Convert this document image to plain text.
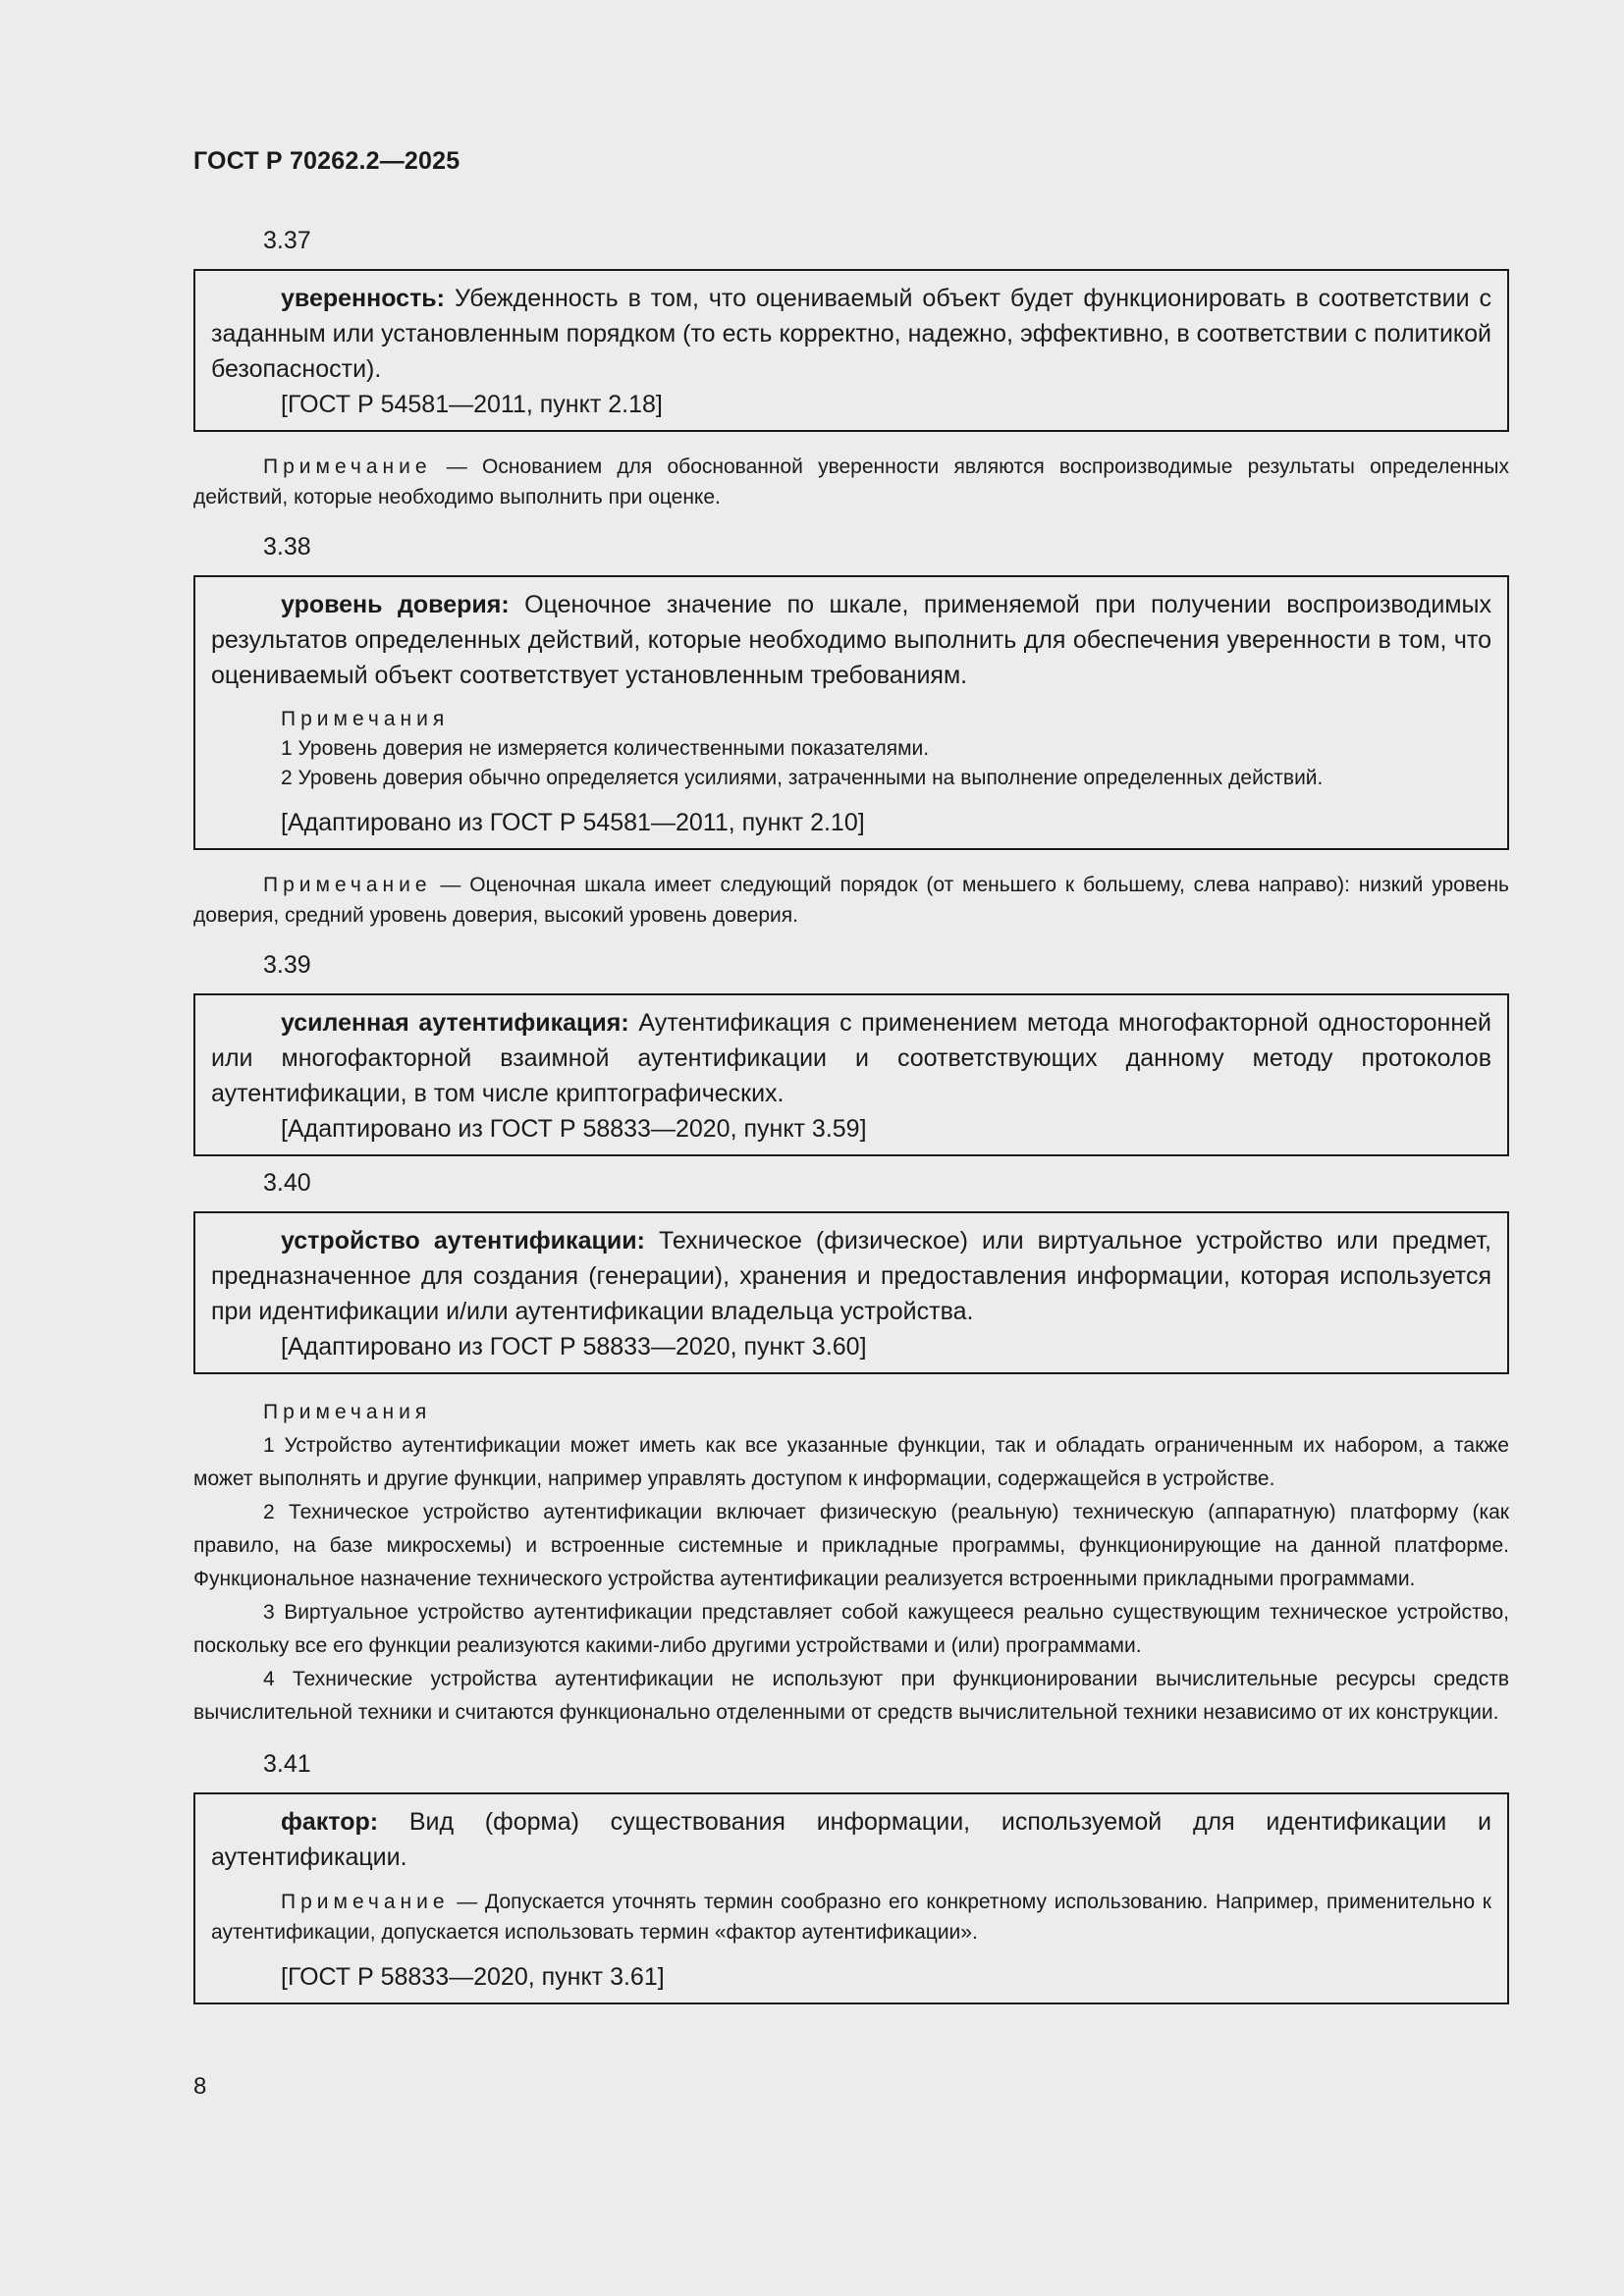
ГОСТ Р 70262.2—2025
3.37

уверенность: Убежденность в том, что оцениваемый объект будет функционировать в соответствии с заданным или установленным порядком (то есть корректно, надежно, эффективно, в соответствии с политикой безопасности).

[ГОСТ Р 54581—2011, пункт 2.18]

Примечание — Основанием для обоснованной уверенности являются воспроизводимые результаты определенных действий, которые необходимо выполнить при оценке.

3.38

уровень доверия: Оценочное значение по шкале, применяемой при получении воспроизводимых результатов определенных действий, которые необходимо выполнить для обеспечения уверенности в том, что оцениваемый объект соответствует установленным требованиям.

Примечания
1 Уровень доверия не измеряется количественными показателями.
2 Уровень доверия обычно определяется усилиями, затраченными на выполнение определенных действий.

[Адаптировано из ГОСТ Р 54581—2011, пункт 2.10]

Примечание — Оценочная шкала имеет следующий порядок (от меньшего к большему, слева направо): низкий уровень доверия, средний уровень доверия, высокий уровень доверия.

3.39

усиленная аутентификация: Аутентификация с применением метода многофакторной односторонней или многофакторной взаимной аутентификации и соответствующих данному методу протоколов аутентификации, в том числе криптографических.

[Адаптировано из ГОСТ Р 58833—2020, пункт 3.59]

3.40

устройство аутентификации: Техническое (физическое) или виртуальное устройство или предмет, предназначенное для создания (генерации), хранения и предоставления информации, которая используется при идентификации и/или аутентификации владельца устройства.

[Адаптировано из ГОСТ Р 58833—2020, пункт 3.60]

Примечания

1 Устройство аутентификации может иметь как все указанные функции, так и обладать ограниченным их набором, а также может выполнять и другие функции, например управлять доступом к информации, содержащейся в устройстве.

2 Техническое устройство аутентификации включает физическую (реальную) техническую (аппаратную) платформу (как правило, на базе микросхемы) и встроенные системные и прикладные программы, функционирующие на данной платформе. Функциональное назначение технического устройства аутентификации реализуется встроенными прикладными программами.

3 Виртуальное устройство аутентификации представляет собой кажущееся реально существующим техническое устройство, поскольку все его функции реализуются какими-либо другими устройствами и (или) программами.

4 Технические устройства аутентификации не используют при функционировании вычислительные ресурсы средств вычислительной техники и считаются функционально отделенными от средств вычислительной техники независимо от их конструкции.

3.41

фактор: Вид (форма) существования информации, используемой для идентификации и аутентификации.

Примечание — Допускается уточнять термин сообразно его конкретному использованию. Например, применительно к аутентификации, допускается использовать термин «фактор аутентификации».

[ГОСТ Р 58833—2020, пункт 3.61]

8
